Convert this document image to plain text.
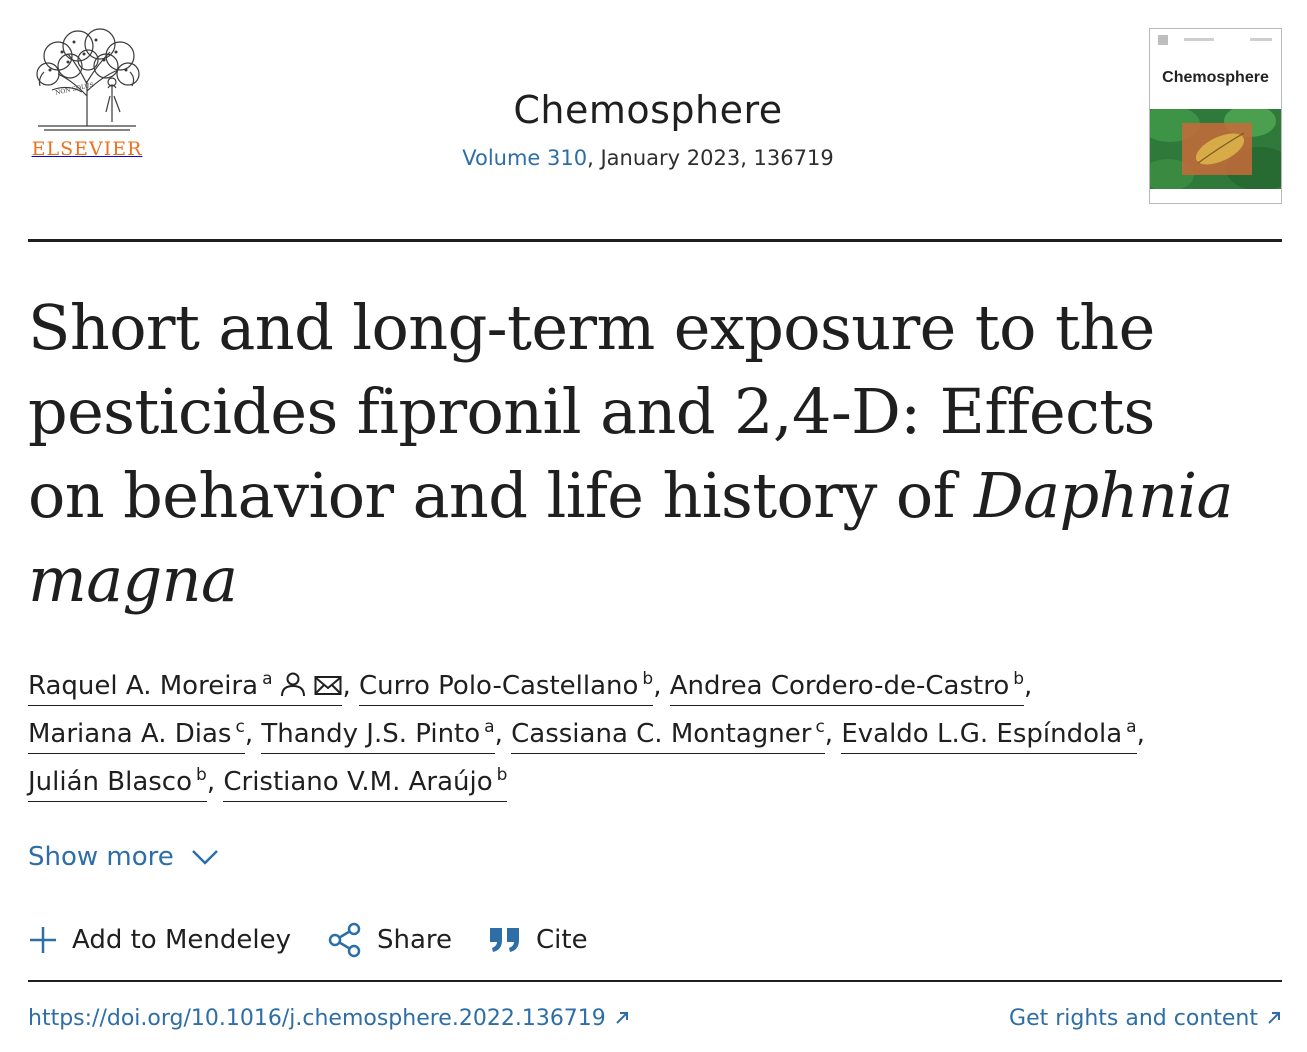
NON SOLUS
ELSEVIER
Chemosphere
Volume 310, January 2023, 136719
Chemosphere
Short and long-term exposure to the pesticides fipronil and 2,4-D: Effects on behavior and life history of Daphnia magna
Raquel A. Moreira $^a$	, Curro Polo-Castellano $^b$, Andrea Cordero-de-Castro $^b$,
Mariana A. Dias $^c$, Thandy J.S. Pinto $^a$, Cassiana C. Montagner $^c$, Evaldo L.G. Espíndola $^a$,
Julián Blasco $^b$, Cristiano V.M. Araújo $^b$
Show more
Add to Mendeley	Share	Cite
https://doi.org/10.1016/j.chemosphere.2022.136719	Get rights and content
